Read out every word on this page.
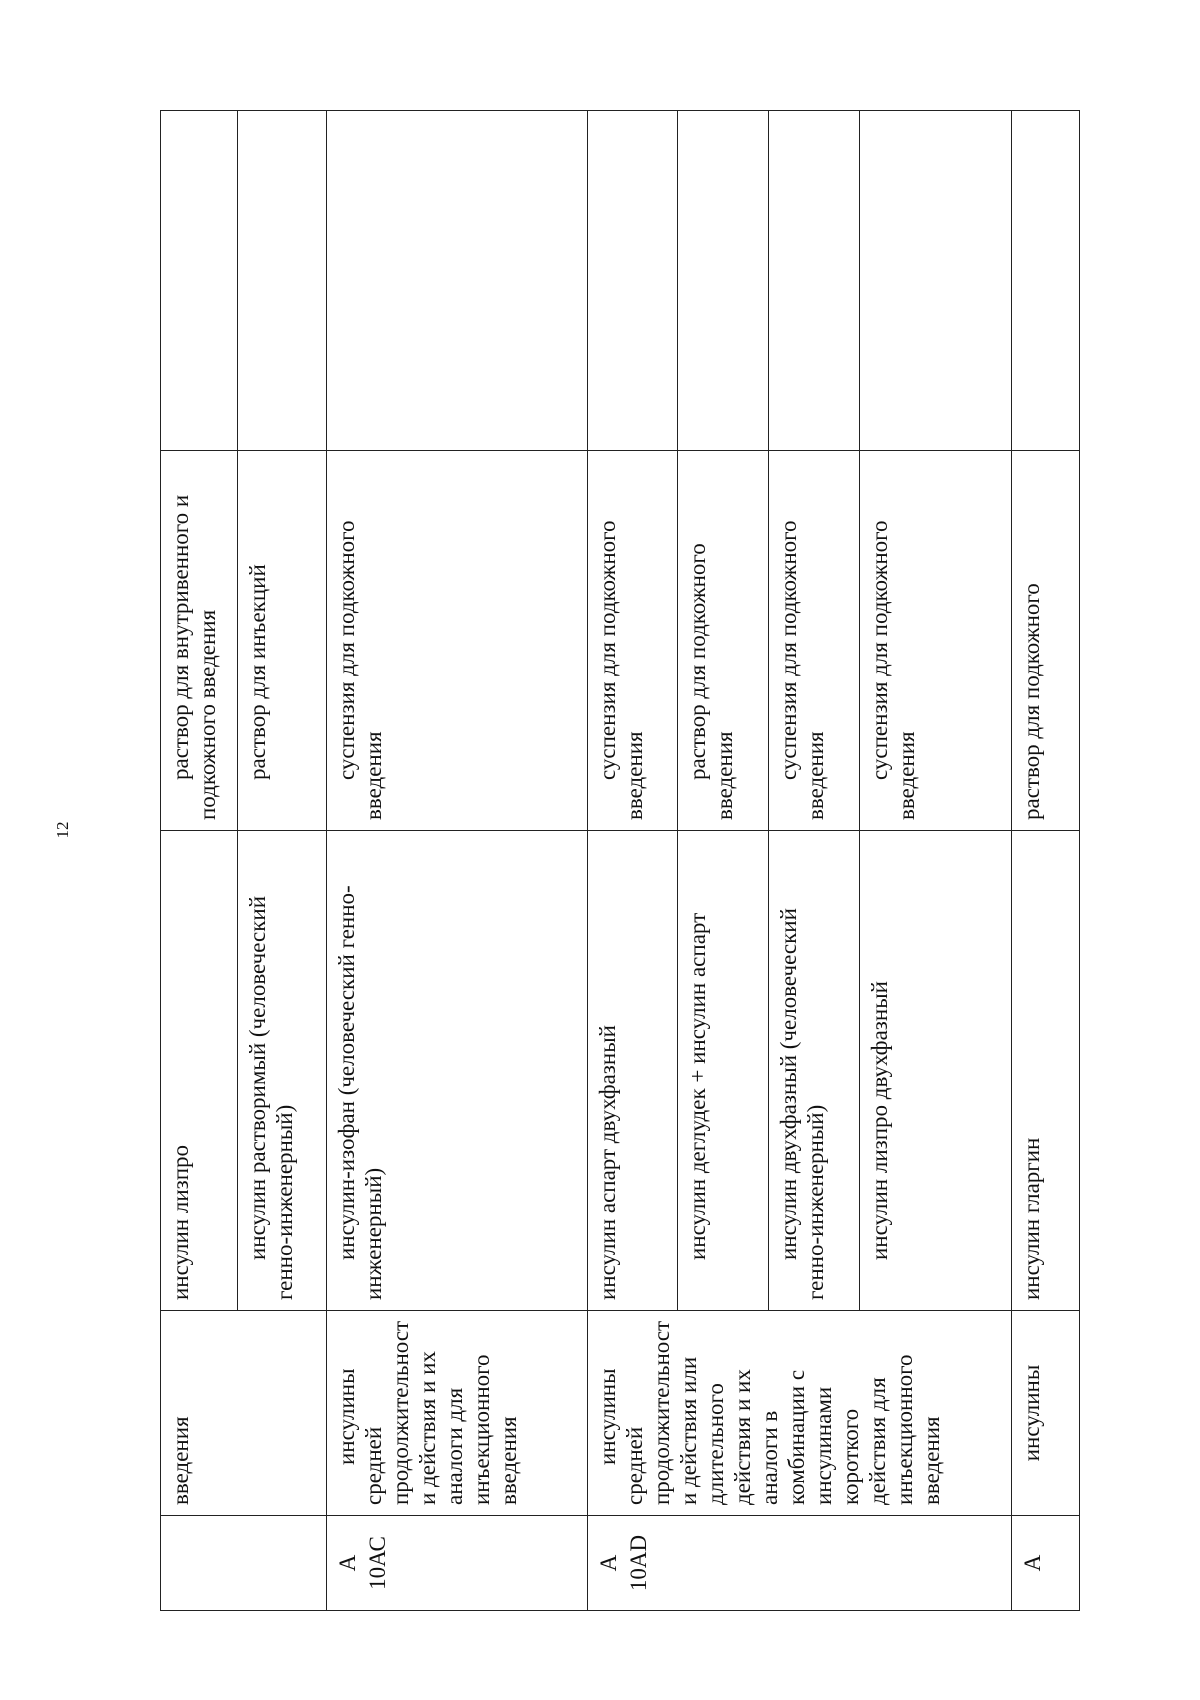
12
	введения	инсулин лизпро	раствор для внутривенного и подкожного введения	
		инсулин растворимый (человеческий генно-инженерный)	раствор для инъекций	

А 10АС	инсулины средней продолжительност и действия и их аналоги для инъекционного введения	инсулин-изофан (человеческий генно-инженерный)	суспензия для подкожного введения	

А 10AD	инсулины средней продолжительност и действия или длительного действия и их аналоги в комбинации с инсулинами короткого действия для инъекционного введения	инсулин аспарт двухфазный	суспензия для подкожного введения	
		инсулин деглудек + инсулин аспарт	раствор для подкожного введения	
		инсулин двухфазный (человеческий генно-инженерный)	суспензия для подкожного введения	
		инсулин лизпро двухфазный	суспензия для подкожного введения	

А	инсулины	инсулин гларгин	раствор для подкожного	
